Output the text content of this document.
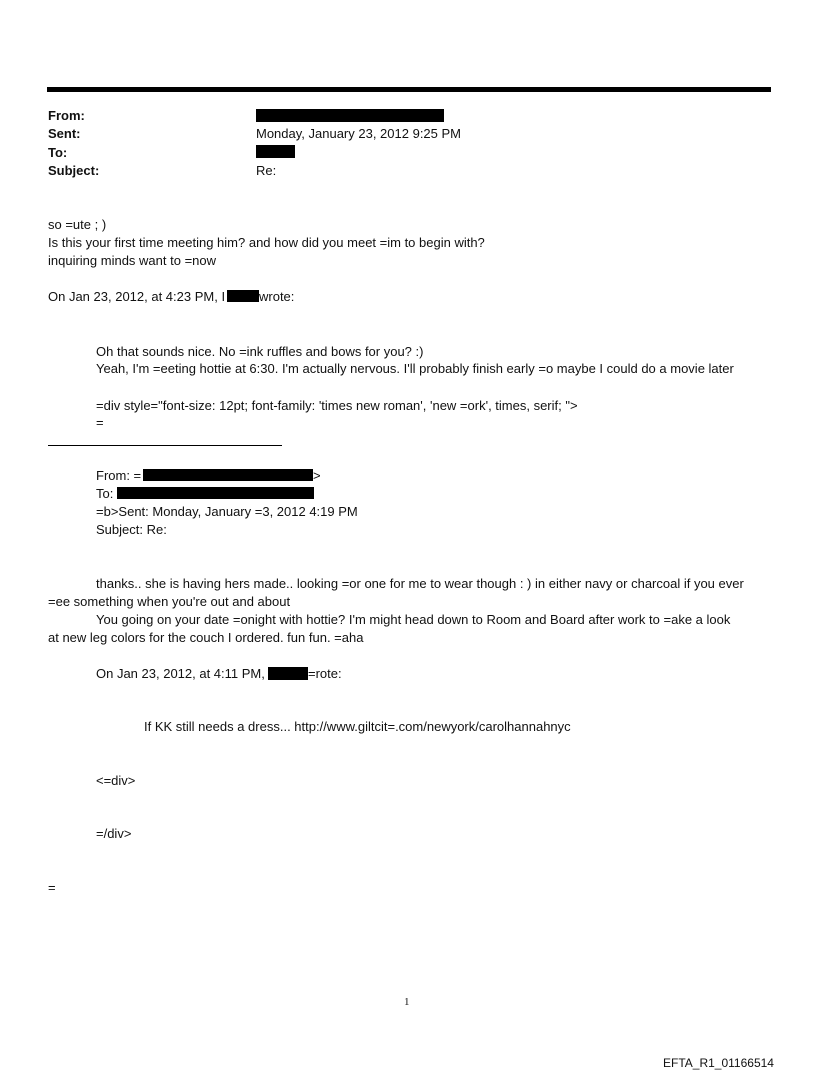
From:
Sent:	Monday, January 23, 2012 9:25 PM
To:
Subject:	Re:
so =ute ; )
Is this your first time meeting him? and how did you meet =im to begin with?
inquiring minds want to =now
On Jan 23, 2012, at 4:23 PM, I	wrote:
Oh that sounds nice. No =ink ruffles and bows for you? :)
Yeah, I'm =eeting hottie at 6:30. I'm actually nervous. I'll probably finish early =o maybe I could do a movie later
=div style="font-size: 12pt; font-family: 'times new roman', 'new =ork', times, serif; ">
=
From: =	>
To:
=b>Sent: Monday, January =3, 2012 4:19 PM
Subject: Re:
thanks.. she is having hers made.. looking =or one for me to wear though : ) in either navy or charcoal if you ever
=ee something when you're out and about
You going on your date =onight with hottie? I'm might head down to Room and Board after work to =ake a look
at new leg colors for the couch I ordered. fun fun. =aha
On Jan 23, 2012, at 4:11 PM,	=rote:
If KK still needs a dress... http://www.giltcit=.com/newyork/carolhannahnyc
<=div>
=/div>
=
1
EFTA_R1_01166514
